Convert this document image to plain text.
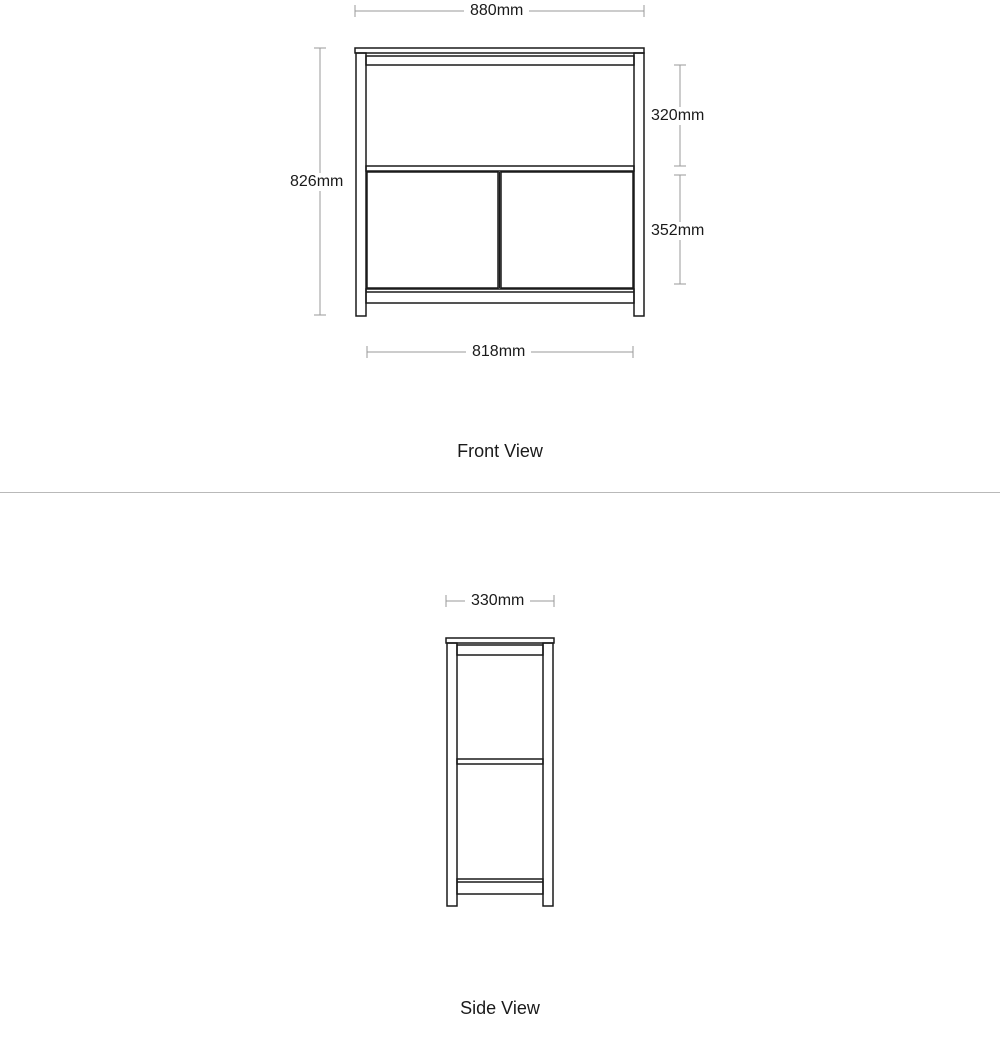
880mm
826mm
320mm
352mm
818mm
Front View
330mm
Side View
